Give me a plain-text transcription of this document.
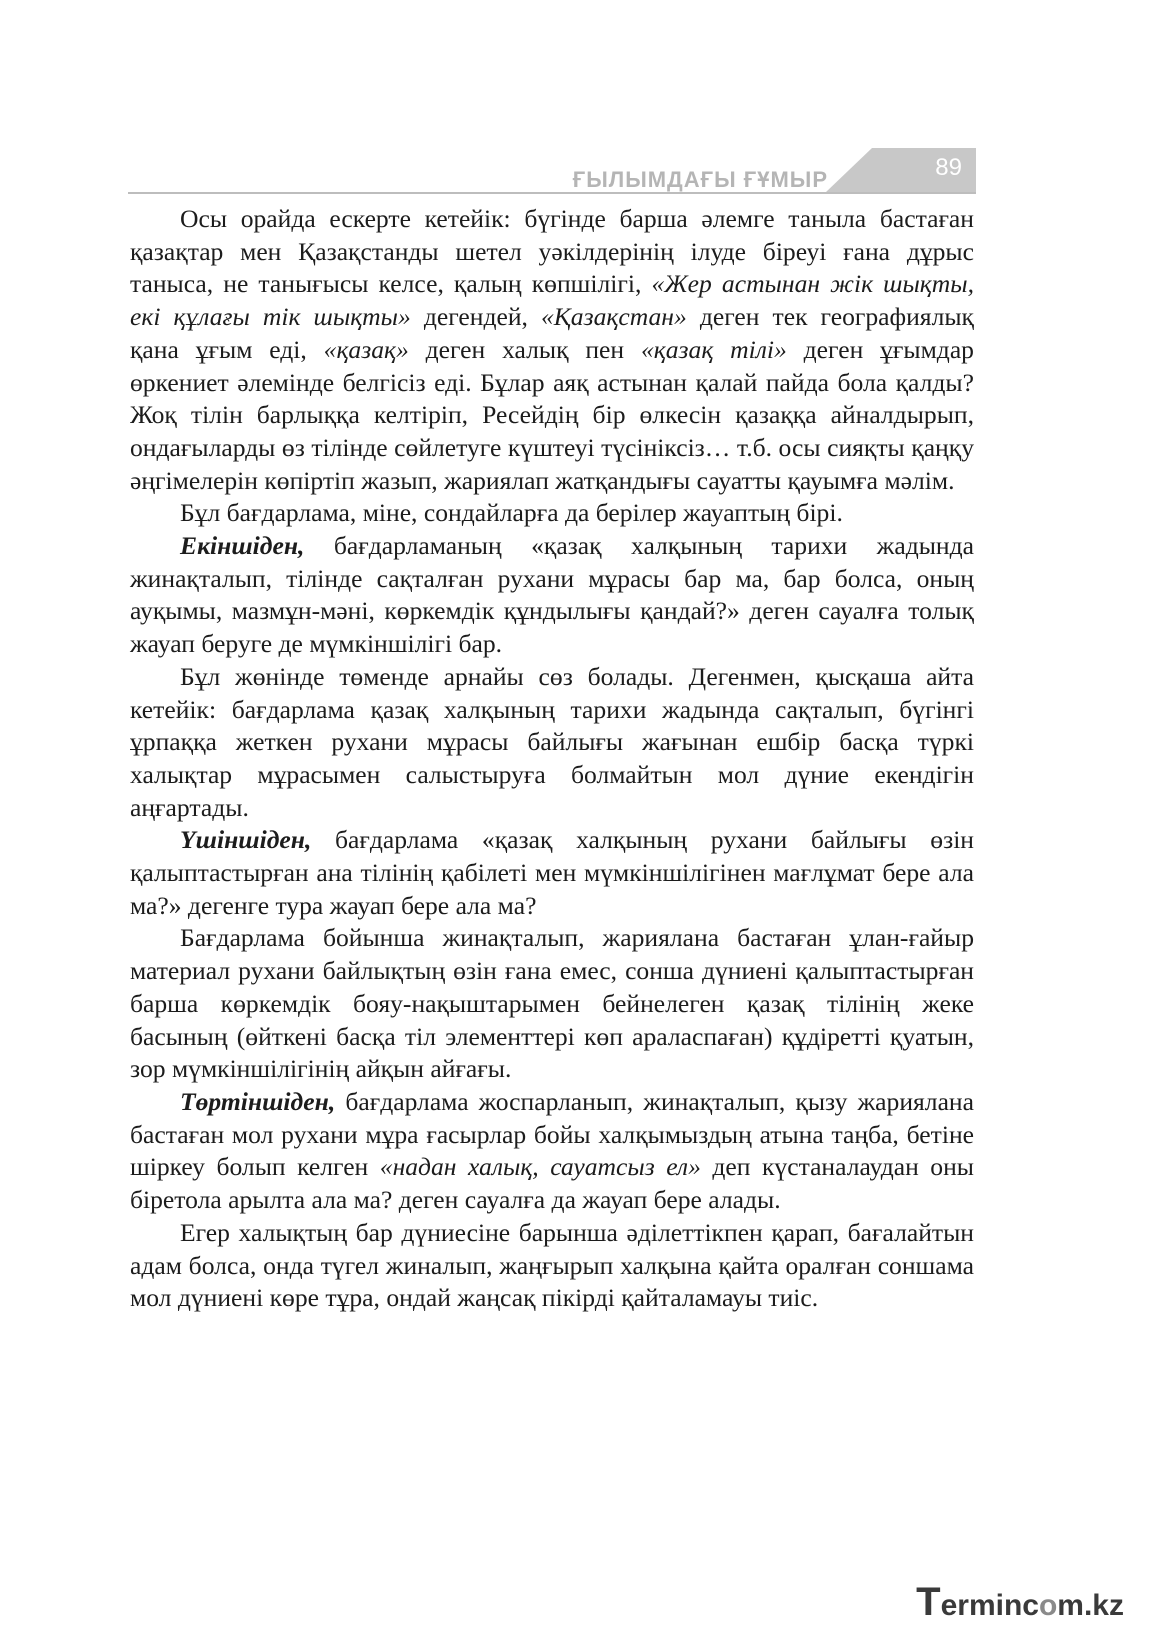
ҒЫЛЫМДАҒЫ ҒҰМЫР	89

Осы орайда ескерте кетейік: бүгінде барша әлемге таныла бастаған қазақтар мен Қазақстанды шетел уәкілдерінің ілуде біреуі ғана дұрыс таныса, не танығысы келсе, қалың көпшілігі, «Жер астынан жік шықты, екі құлағы тік шықты» дегендей, «Қазақстан» деген тек географиялық қана ұғым еді, «қазақ» деген халық пен «қазақ тілі» деген ұғымдар өркениет әлемінде белгісіз еді. Бұлар аяқ астынан қалай пайда бола қалды? Жоқ тілін барлыққа келтіріп, Ресейдің бір өлкесін қазаққа айналдырып, ондағыларды өз тілінде сөйлетуге күштеуі түсініксіз… т.б. осы сияқты қаңқу әңгімелерін көпіртіп жазып, жариялап жатқандығы сауатты қауымға мәлім.

Бұл бағдарлама, міне, сондайларға да берілер жауаптың бірі.

Екіншіден, бағдарламаның «қазақ халқының тарихи жадында жинақталып, тілінде сақталған рухани мұрасы бар ма, бар болса, оның ауқымы, мазмұн-мәні, көркемдік құндылығы қандай?» деген сауалға толық жауап беруге де мүмкіншілігі бар.

Бұл жөнінде төменде арнайы сөз болады. Дегенмен, қысқаша айта кетейік: бағдарлама қазақ халқының тарихи жадында сақталып, бүгінгі ұрпаққа жеткен рухани мұрасы байлығы жағынан ешбір басқа түркі халықтар мұрасымен салыстыруға болмайтын мол дүние екендігін аңғартады.

Үшіншіден, бағдарлама «қазақ халқының рухани байлығы өзін қалыптастырған ана тілінің қабілеті мен мүмкіншілігінен мағлұмат бере ала ма?» дегенге тура жауап бере ала ма?

Бағдарлама бойынша жинақталып, жариялана бастаған ұлан-ғайыр материал рухани байлықтың өзін ғана емес, сонша дүниені қалыптастырған барша көркемдік бояу-нақыштарымен бейнелеген қазақ тілінің жеке басының (өйткені басқа тіл элементтері көп араласпаған) құдіретті қуатын, зор мүмкіншілігінің айқын айғағы.

Төртіншіден, бағдарлама жоспарланып, жинақталып, қызу жариялана бастаған мол рухани мұра ғасырлар бойы халқымыздың атына таңба, бетіне шіркеу болып келген «надан халық, сауатсыз ел» деп күстаналаудан оны біретола арылта ала ма? деген сауалға да жауап бере алады.

Егер халықтың бар дүниесіне барынша әділеттікпен қарап, бағалайтын адам болса, онда түгел жиналып, жаңғырып халқына қайта оралған соншама мол дүниені көре тұра, ондай жаңсақ пікірді қайталамауы тиіс.

Termincom.kz
